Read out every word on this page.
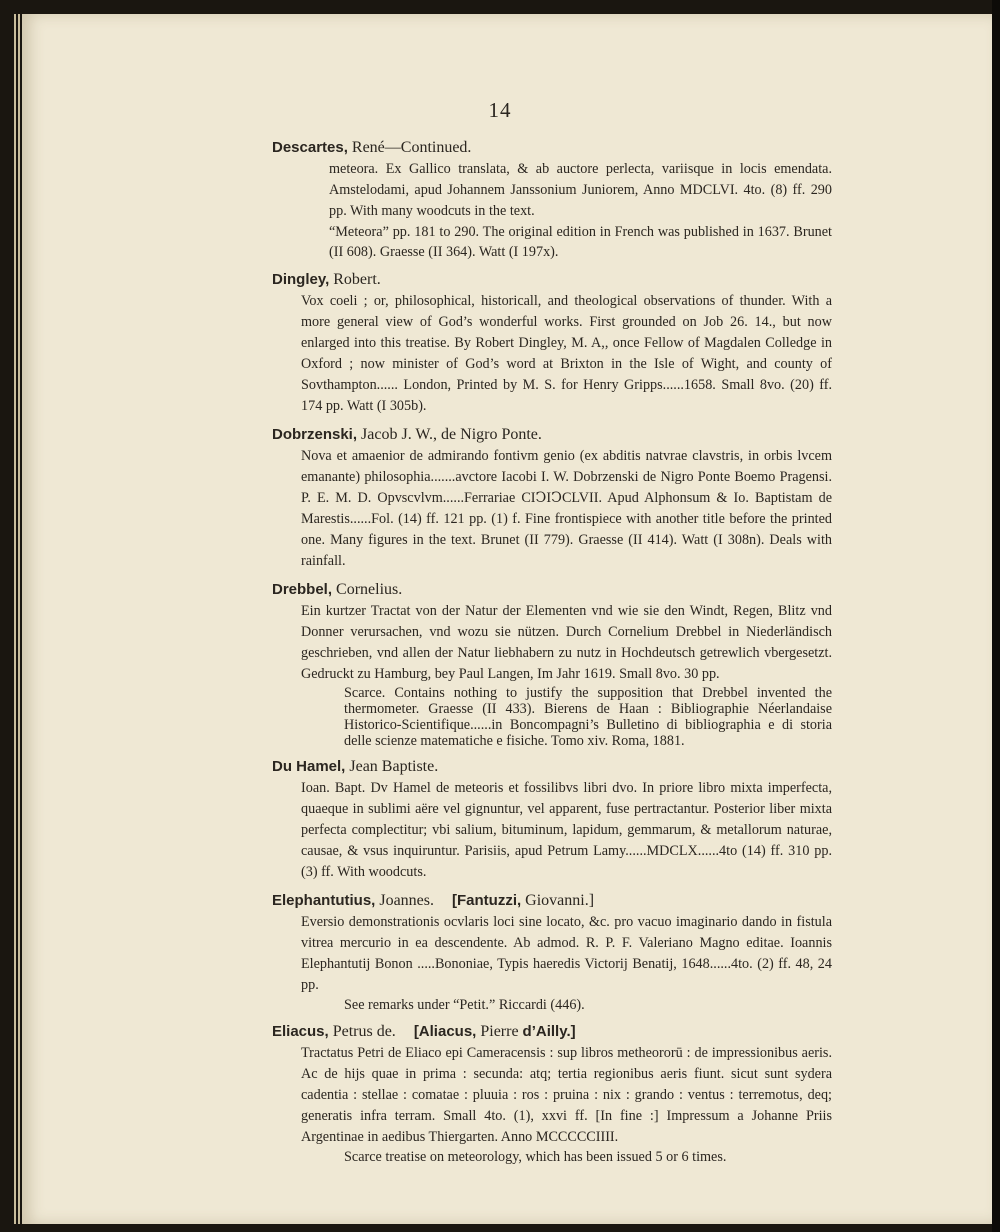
14
Descartes, René—Continued.
meteora. Ex Gallico translata, & ab auctore perlecta, variisque in locis emendata. Amstelodami, apud Johannem Janssonium Juniorem, Anno MDCLVI. 4to. (8) ff. 290 pp. With many woodcuts in the text.
“Meteora” pp. 181 to 290. The original edition in French was published in 1637. Brunet (II 608). Graesse (II 364). Watt (I 197x).
Dingley, Robert.
Vox coeli ; or, philosophical, historicall, and theological observations of thunder. With a more general view of God’s wonderful works. First grounded on Job 26. 14., but now enlarged into this treatise. By Robert Dingley, M. A,, once Fellow of Magdalen Colledge in Oxford ; now minister of God’s word at Brixton in the Isle of Wight, and county of Sovthampton...... London, Printed by M. S. for Henry Gripps......1658. Small 8vo. (20) ff. 174 pp. Watt (I 305b).
Dobrzenski, Jacob J. W., de Nigro Ponte.
Nova et amaenior de admirando fontivm genio (ex abditis natvrae clavstris, in orbis lvcem emanante) philosophia.......avctore Iacobi I. W. Dobrzenski de Nigro Ponte Boemo Pragensi. P. E. M. D. Opvscvlvm......Ferrariae CIↃIↃCLVII. Apud Alphonsum & Io. Baptistam de Marestis......Fol. (14) ff. 121 pp. (1) f. Fine frontispiece with another title before the printed one. Many figures in the text. Brunet (II 779). Graesse (II 414). Watt (I 308n). Deals with rainfall.
Drebbel, Cornelius.
Ein kurtzer Tractat von der Natur der Elementen vnd wie sie den Windt, Regen, Blitz vnd Donner verursachen, vnd wozu sie nützen. Durch Cornelium Drebbel in Niederländisch geschrieben, vnd allen der Natur liebhabern zu nutz in Hochdeutsch getrewlich vbergesetzt. Gedruckt zu Hamburg, bey Paul Langen, Im Jahr 1619. Small 8vo. 30 pp.
Scarce. Contains nothing to justify the supposition that Drebbel invented the thermometer. Graesse (II 433). Bierens de Haan : Bibliographie Néerlandaise Historico-Scientifique......in Boncompagni’s Bulletino di bibliographia e di storia delle scienze matematiche e fisiche. Tomo xiv. Roma, 1881.
Du Hamel, Jean Baptiste.
Ioan. Bapt. Dv Hamel de meteoris et fossilibvs libri dvo. In priore libro mixta imperfecta, quaeque in sublimi aëre vel gignuntur, vel apparent, fuse pertractantur. Posterior liber mixta perfecta complectitur; vbi salium, bituminum, lapidum, gemmarum, & metallorum naturae, causae, & vsus inquiruntur. Parisiis, apud Petrum Lamy......MDCLX......4to (14) ff. 310 pp. (3) ff. With woodcuts.
Elephantutius, Joannes. [Fantuzzi, Giovanni.]
Eversio demonstrationis ocvlaris loci sine locato, &c. pro vacuo imaginario dando in fistula vitrea mercurio in ea descendente. Ab admod. R. P. F. Valeriano Magno editae. Ioannis Elephantutij Bonon .....Bononiae, Typis haeredis Victorij Benatij, 1648......4to. (2) ff. 48, 24 pp.
See remarks under “Petit.” Riccardi (446).
Eliacus, Petrus de. [Aliacus, Pierre d’Ailly.]
Tractatus Petri de Eliaco epi Cameracensis : sup libros metheororū : de impressionibus aeris. Ac de hijs quae in prima : secunda: atq; tertia regionibus aeris fiunt. sicut sunt sydera cadentia : stellae : comatae : pluuia : ros : pruina : nix : grando : ventus : terremotus, deq; generatis infra terram. Small 4to. (1), xxvi ff. [In fine :] Impressum a Johanne Priis Argentinae in aedibus Thiergarten. Anno MCCCCCIIII.
Scarce treatise on meteorology, which has been issued 5 or 6 times.
